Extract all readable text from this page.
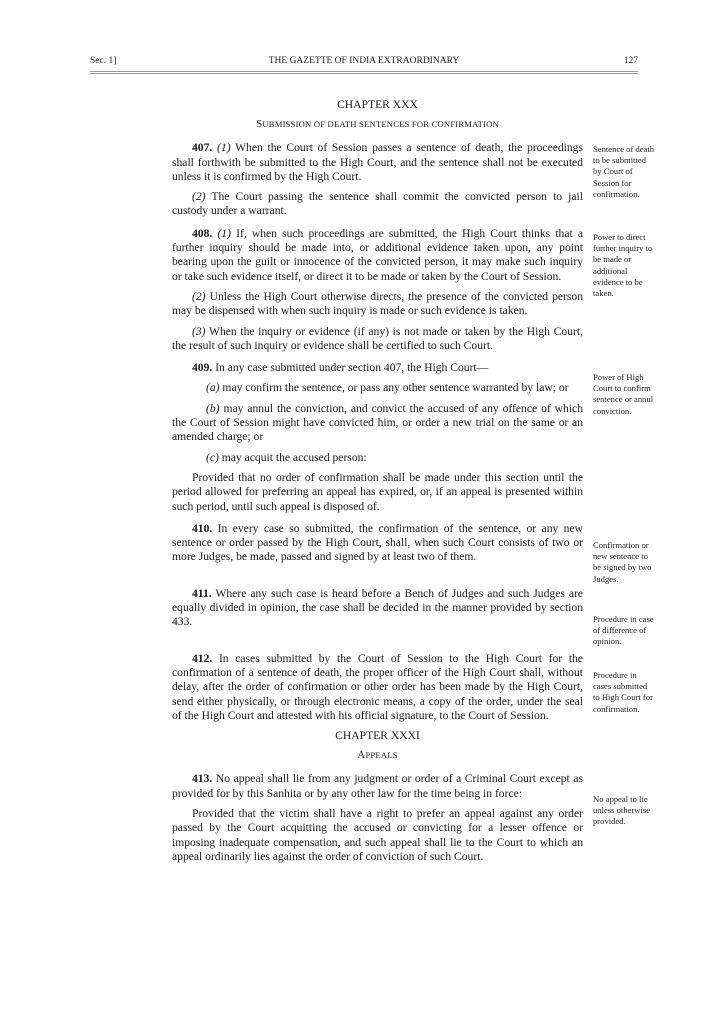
Sec. 1]	THE GAZETTE OF INDIA EXTRAORDINARY	127

CHAPTER XXX

SUBMISSION OF DEATH SENTENCES FOR CONFIRMATION

407. (1) When the Court of Session passes a sentence of death, the proceedings shall forthwith be submitted to the High Court, and the sentence shall not be executed unless it is confirmed by the High Court.

(2) The Court passing the sentence shall commit the convicted person to jail custody under a warrant.

408. (1) If, when such proceedings are submitted, the High Court thinks that a further inquiry should be made into, or additional evidence taken upon, any point bearing upon the guilt or innocence of the convicted person, it may make such inquiry or take such evidence itself, or direct it to be made or taken by the Court of Session.

(2) Unless the High Court otherwise directs, the presence of the convicted person may be dispensed with when such inquiry is made or such evidence is taken.

(3) When the inquiry or evidence (if any) is not made or taken by the High Court, the result of such inquiry or evidence shall be certified to such Court.

409. In any case submitted under section 407, the High Court—

(a) may confirm the sentence, or pass any other sentence warranted by law; or

(b) may annul the conviction, and convict the accused of any offence of which the Court of Session might have convicted him, or order a new trial on the same or an amended charge; or

(c) may acquit the accused person:

Provided that no order of confirmation shall be made under this section until the period allowed for preferring an appeal has expired, or, if an appeal is presented within such period, until such appeal is disposed of.

410. In every case so submitted, the confirmation of the sentence, or any new sentence or order passed by the High Court, shall, when such Court consists of two or more Judges, be made, passed and signed by at least two of them.

411. Where any such case is heard before a Bench of Judges and such Judges are equally divided in opinion, the case shall be decided in the manner provided by section 433.

412. In cases submitted by the Court of Session to the High Court for the confirmation of a sentence of death, the proper officer of the High Court shall, without delay, after the order of confirmation or other order has been made by the High Court, send either physically, or through electronic means, a copy of the order, under the seal of the High Court and attested with his official signature, to the Court of Session.

CHAPTER XXXI

APPEALS

413. No appeal shall lie from any judgment or order of a Criminal Court except as provided for by this Sanhita or by any other law for the time being in force:

Provided that the victim shall have a right to prefer an appeal against any order passed by the Court acquitting the accused or convicting for a lesser offence or imposing inadequate compensation, and such appeal shall lie to the Court to which an appeal ordinarily lies against the order of conviction of such Court.

Sentence of death to be submitted by Court of Session for confirmation.
Power to direct further inquiry to be made or additional evidence to be taken.
Power of High Court to confirm sentence or annul conviction.
Confirmation or new sentence to be signed by two Judges.
Procedure in case of difference of opinion.
Procedure in cases submitted to High Court for confirmation.
No appeal to lie unless otherwise provided.
